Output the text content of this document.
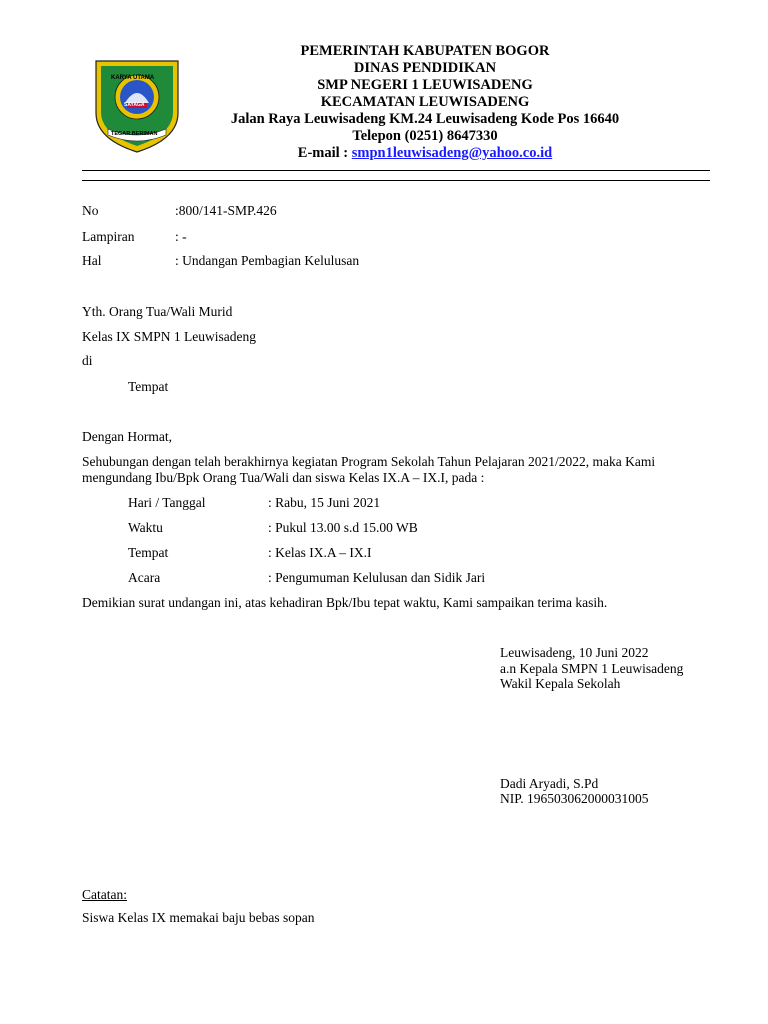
KARYA UTAMA
SAYAGA
TEGAR BERIMAN
PEMERINTAH KABUPATEN BOGOR
DINAS PENDIDIKAN
SMP NEGERI 1 LEUWISADENG
KECAMATAN LEUWISADENG
Jalan Raya Leuwisadeng KM.24 Leuwisadeng Kode Pos 16640
Telepon (0251) 8647330
E-mail : smpn1leuwisadeng@yahoo.co.id
No	:800/141-SMP.426
Lampiran	: -
Hal	: Undangan Pembagian Kelulusan
Yth. Orang Tua/Wali Murid
Kelas IX SMPN 1 Leuwisadeng
di
Tempat
Dengan Hormat,
Sehubungan dengan telah berakhirnya kegiatan Program Sekolah Tahun Pelajaran 2021/2022, maka Kami mengundang Ibu/Bpk Orang Tua/Wali dan siswa Kelas IX.A – IX.I, pada :
Hari / Tanggal	: Rabu, 15 Juni 2021
Waktu	: Pukul 13.00 s.d 15.00 WB
Tempat	: Kelas IX.A – IX.I
Acara	: Pengumuman Kelulusan dan Sidik Jari
Demikian surat undangan ini, atas kehadiran Bpk/Ibu tepat waktu, Kami sampaikan terima kasih.
Leuwisadeng, 10 Juni 2022
a.n Kepala SMPN 1 Leuwisadeng
Wakil Kepala Sekolah
Dadi Aryadi, S.Pd
NIP. 196503062000031005
Catatan:
Siswa Kelas IX memakai baju bebas sopan
